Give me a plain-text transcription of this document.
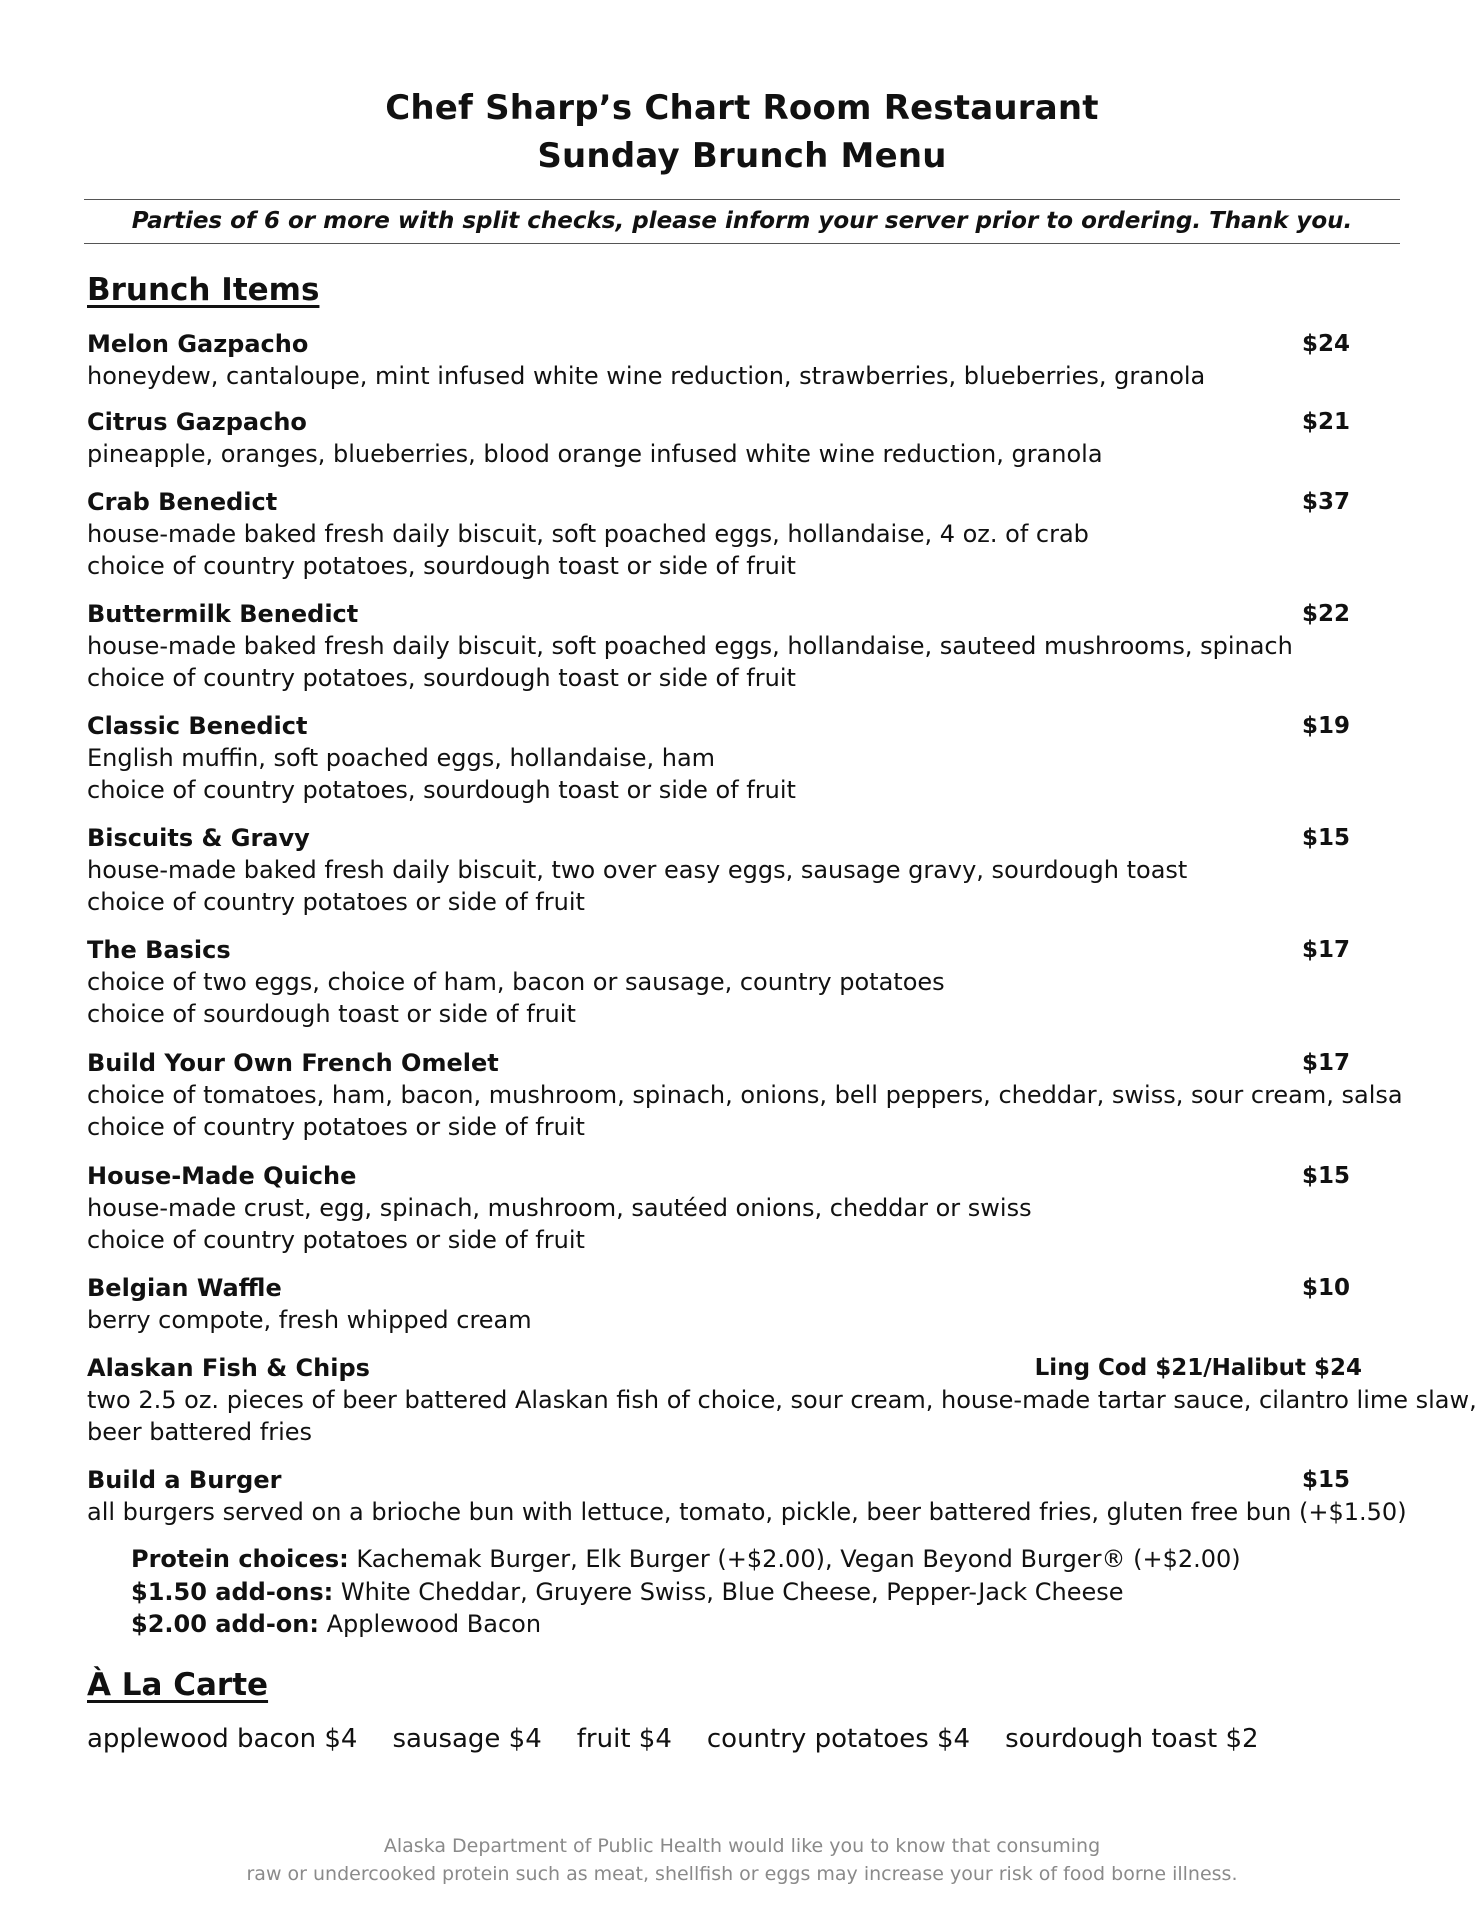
Chef Sharp’s Chart Room Restaurant
Sunday Brunch Menu
Parties of 6 or more with split checks, please inform your server prior to ordering. Thank you.
Brunch Items
Melon Gazpacho	$24
honeydew, cantaloupe, mint infused white wine reduction, strawberries, blueberries, granola
Citrus Gazpacho	$21
pineapple, oranges, blueberries, blood orange infused white wine reduction, granola
Crab Benedict	$37
house-made baked fresh daily biscuit, soft poached eggs, hollandaise, 4 oz. of crab
choice of country potatoes, sourdough toast or side of fruit
Buttermilk Benedict	$22
house-made baked fresh daily biscuit, soft poached eggs, hollandaise, sauteed mushrooms, spinach
choice of country potatoes, sourdough toast or side of fruit
Classic Benedict	$19
English muffin, soft poached eggs, hollandaise, ham
choice of country potatoes, sourdough toast or side of fruit
Biscuits & Gravy	$15
house-made baked fresh daily biscuit, two over easy eggs, sausage gravy, sourdough toast
choice of country potatoes or side of fruit
The Basics	$17
choice of two eggs, choice of ham, bacon or sausage, country potatoes
choice of sourdough toast or side of fruit
Build Your Own French Omelet	$17
choice of tomatoes, ham, bacon, mushroom, spinach, onions, bell peppers, cheddar, swiss, sour cream, salsa
choice of country potatoes or side of fruit
House-Made Quiche	$15
house-made crust, egg, spinach, mushroom, sautéed onions, cheddar or swiss
choice of country potatoes or side of fruit
Belgian Waffle	$10
berry compote, fresh whipped cream
Alaskan Fish & Chips	Ling Cod $21/Halibut $24
two 2.5 oz. pieces of beer battered Alaskan fish of choice, sour cream, house-made tartar sauce, cilantro lime slaw,
beer battered fries
Build a Burger	$15
all burgers served on a brioche bun with lettuce, tomato, pickle, beer battered fries, gluten free bun (+$1.50)
Protein choices: Kachemak Burger, Elk Burger (+$2.00), Vegan Beyond Burger® (+$2.00)
$1.50 add-ons: White Cheddar, Gruyere Swiss, Blue Cheese, Pepper-Jack Cheese
$2.00 add-on: Applewood Bacon
À La Carte
applewood bacon $4 sausage $4 fruit $4 country potatoes $4 sourdough toast $2
Alaska Department of Public Health would like you to know that consuming
raw or undercooked protein such as meat, shellfish or eggs may increase your risk of food borne illness.
